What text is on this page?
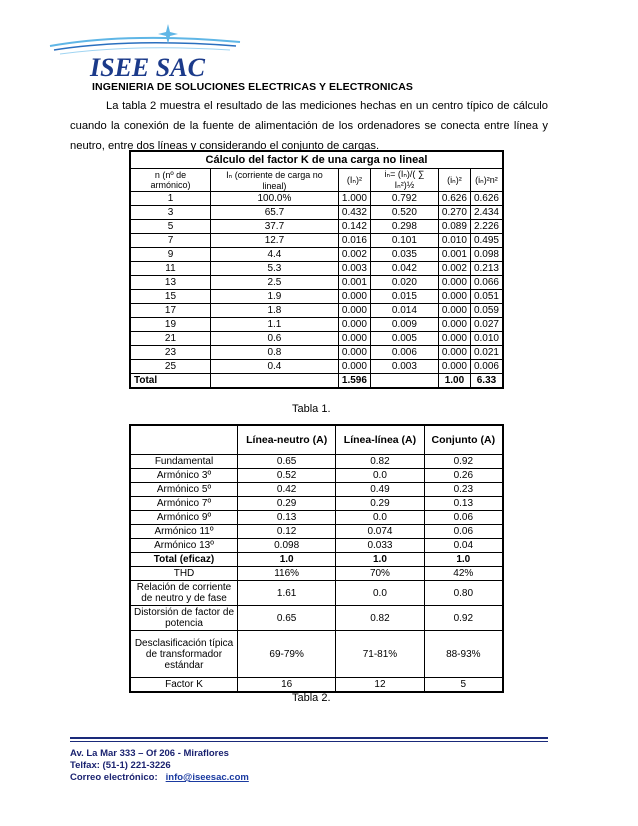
ISEE SAC
INGENIERIA DE SOLUCIONES ELECTRICAS Y ELECTRONICAS
La tabla 2 muestra el resultado de las mediciones hechas en un centro típico de cálculo cuando la conexión de la fuente de alimentación de los ordenadores se conecta entre línea y neutro, entre dos líneas y considerando el conjunto de cargas.
Cálculo del factor K de una carga no lineal					
n (nº de armónico)	Iₙ (corriente de carga no lineal)	(Iₙ)²	iₙ= (Iₙ)/( ∑ Iₙ²)½	(iₙ)²	(iₙ)²n²
1	100.0%	1.000	0.792	0.626	0.626
3	65.7	0.432	0.520	0.270	2.434
5	37.7	0.142	0.298	0.089	2.226
7	12.7	0.016	0.101	0.010	0.495
9	4.4	0.002	0.035	0.001	0.098
11	5.3	0.003	0.042	0.002	0.213
13	2.5	0.001	0.020	0.000	0.066
15	1.9	0.000	0.015	0.000	0.051
17	1.8	0.000	0.014	0.000	0.059
19	1.1	0.000	0.009	0.000	0.027
21	0.6	0.000	0.005	0.000	0.010
23	0.8	0.000	0.006	0.000	0.021
25	0.4	0.000	0.003	0.000	0.006
Total		1.596		1.00	6.33
Tabla 1.
	Línea-neutro (A)	Línea-línea (A)	Conjunto (A)
Fundamental	0.65	0.82	0.92
Armónico 3º	0.52	0.0	0.26
Armónico 5º	0.42	0.49	0.23
Armónico 7º	0.29	0.29	0.13
Armónico 9º	0.13	0.0	0.06
Armónico 11º	0.12	0.074	0.06
Armónico 13º	0.098	0.033	0.04
Total (eficaz)	1.0	1.0	1.0
THD	116%	70%	42%
Relación de corriente de neutro y de fase	1.61	0.0	0.80
Distorsión de factor de potencia	0.65	0.82	0.92
Desclasificación típica de transformador estándar	69-79%	71-81%	88-93%
Factor K	16	12	5
Tabla 2.
Av. La Mar 333 – Of 206 - Miraflores
Telfax: (51-1) 221-3226
Correo electrónico: info@iseesac.com
